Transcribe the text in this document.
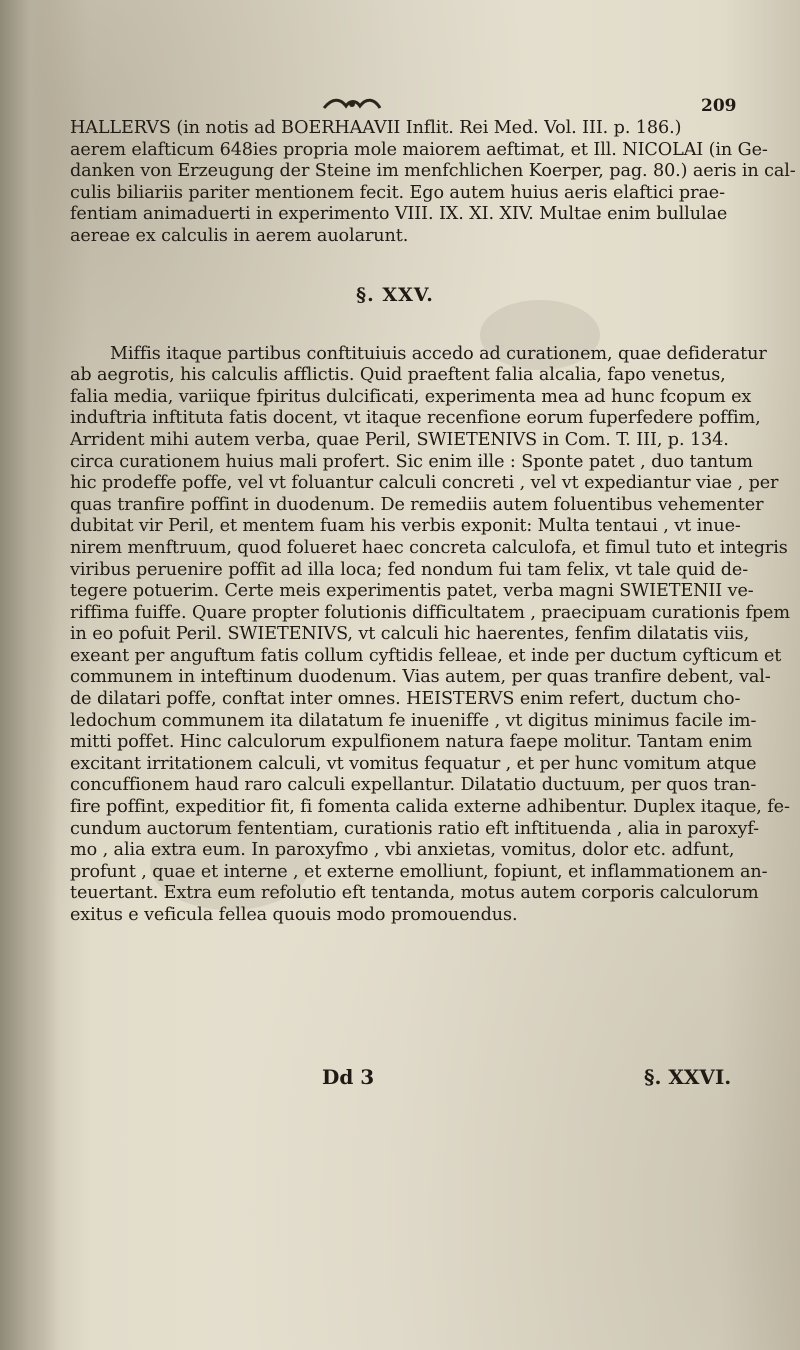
209
HALLERVS (in notis ad BOERHAAVII Inflit. Rei Med. Vol. III. p. 186.)
aerem elafticum 648ies propria mole maiorem aeftimat, et Ill. NICOLAI (in Ge-
danken von Erzeugung der Steine im menfchlichen Koerper, pag. 80.) aeris in cal-
culis biliariis pariter mentionem fecit. Ego autem huius aeris elaftici prae-
fentiam animaduerti in experimento VIII. IX. XI. XIV. Multae enim bullulae
aereae ex calculis in aerem auolarunt.
§. XXV.
Miffis itaque partibus conftituiuis accedo ad curationem, quae defideratur
ab aegrotis, his calculis afflictis. Quid praeftent falia alcalia, fapo venetus,
falia media, variique fpiritus dulcificati, experimenta mea ad hunc fcopum ex
induftria inftituta fatis docent, vt itaque recenfione eorum fuperfedere poffim,
Arrident mihi autem verba, quae Peril, SWIETENIVS in Com. T. III, p. 134.
circa curationem huius mali profert. Sic enim ille : Sponte patet , duo tantum
hic prodeffe poffe, vel vt foluantur calculi concreti , vel vt expediantur viae , per
quas tranfire poffint in duodenum. De remediis autem foluentibus vehementer
dubitat vir Peril, et mentem fuam his verbis exponit: Multa tentaui , vt inue-
nirem menftruum, quod folueret haec concreta calculofa, et fimul tuto et integris
viribus peruenire poffit ad illa loca; fed nondum fui tam felix, vt tale quid de-
tegere potuerim. Certe meis experimentis patet, verba magni SWIETENII ve-
riffima fuiffe. Quare propter folutionis difficultatem , praecipuam curationis fpem
in eo pofuit Peril. SWIETENIVS, vt calculi hic haerentes, fenfim dilatatis viis,
exeant per anguftum fatis collum cyftidis felleae, et inde per ductum cyfticum et
communem in inteftinum duodenum. Vias autem, per quas tranfire debent, val-
de dilatari poffe, conftat inter omnes. HEISTERVS enim refert, ductum cho-
ledochum communem ita dilatatum fe inueniffe , vt digitus minimus facile im-
mitti poffet. Hinc calculorum expulfionem natura faepe molitur. Tantam enim
excitant irritationem calculi, vt vomitus fequatur , et per hunc vomitum atque
concuffionem haud raro calculi expellantur. Dilatatio ductuum, per quos tran-
fire poffint, expeditior fit, fi fomenta calida externe adhibentur. Duplex itaque, fe-
cundum auctorum fententiam, curationis ratio eft inftituenda , alia in paroxyf-
mo , alia extra eum. In paroxyfmo , vbi anxietas, vomitus, dolor etc. adfunt,
profunt , quae et interne , et externe emolliunt, fopiunt, et inflammationem an-
teuertant. Extra eum refolutio eft tentanda, motus autem corporis calculorum
exitus e veficula fellea quouis modo promouendus.
Dd 3	§. XXVI.
